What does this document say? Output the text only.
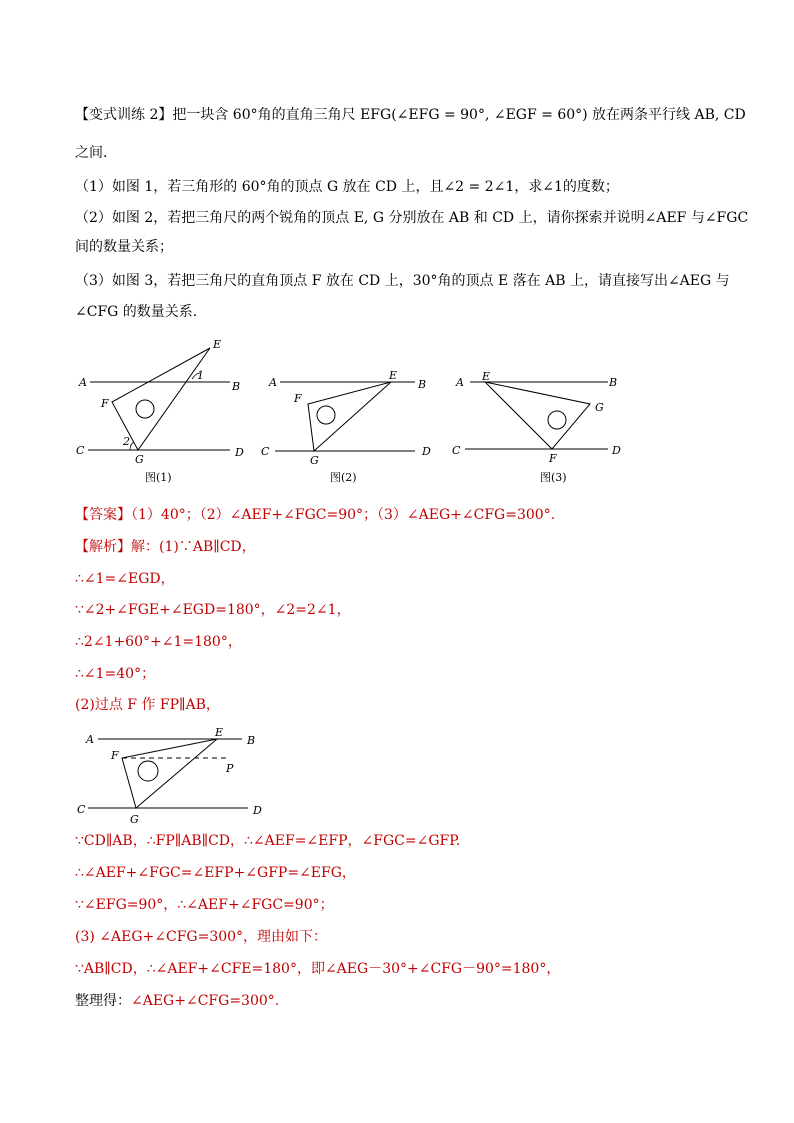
【变式训练 2】把一块含 60°角的直角三角尺 EFG(∠EFG = 90°, ∠EGF = 60°) 放在两条平行线 AB, CD
之间．
（1）如图 1，若三角形的 60°角的顶点 G 放在 CD 上，且∠2 = 2∠1，求∠1的度数；
（2）如图 2，若把三角尺的两个锐角的顶点 E, G 分别放在 AB 和 CD 上，请你探索并说明∠AEF 与∠FGC
间的数量关系；
（3）如图 3，若把三角尺的直角顶点 F 放在 CD 上，30°角的顶点 E 落在 AB 上，请直接写出∠AEG 与
∠CFG 的数量关系．
A	B
C	D
E
F
G
1
2
图(1)
A	B
C	D
E
F
G
图(2)
A	B
C	D
E
F
G
图(3)
【答案】（1）40°；（2）∠AEF+∠FGC=90°；（3）∠AEG+∠CFG=300°.
【解析】解：(1)∵AB∥CD，
∴∠1=∠EGD，
∵∠2+∠FGE+∠EGD=180°，∠2=2∠1，
∴2∠1+60°+∠1=180°，
∴∠1=40°；
(2)过点 F 作 FP∥AB，
A	B
C	D
E
F
G
P
∵CD∥AB，∴FP∥AB∥CD，∴∠AEF=∠EFP，∠FGC=∠GFP.
∴∠AEF+∠FGC=∠EFP+∠GFP=∠EFG，
∵∠EFG=90°，∴∠AEF+∠FGC=90°；
(3) ∠AEG+∠CFG=300°，理由如下：
∵AB∥CD，∴∠AEF+∠CFE=180°，即∠AEG－30°+∠CFG－90°=180°，
整理得：∠AEG+∠CFG=300°.
